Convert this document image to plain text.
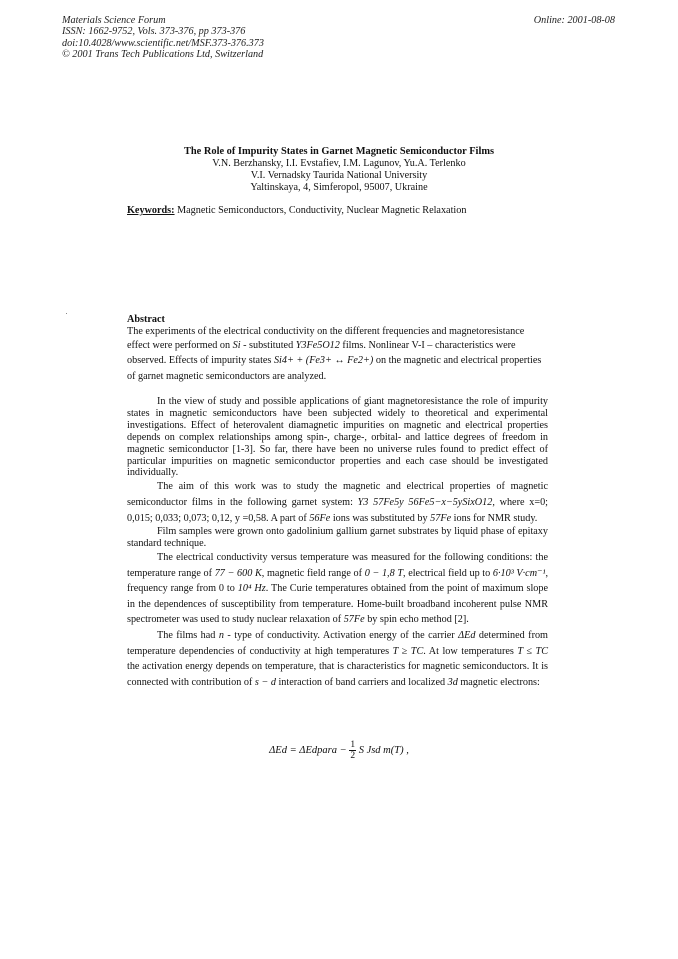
Materials Science Forum
ISSN: 1662-9752, Vols. 373-376, pp 373-376
doi:10.4028/www.scientific.net/MSF.373-376.373
© 2001 Trans Tech Publications Ltd, Switzerland
Online: 2001-08-08
The Role of Impurity States in Garnet Magnetic Semiconductor Films
V.N. Berzhansky, I.I. Evstafiev, I.M. Lagunov, Yu.A. Terlenko
V.I. Vernadsky Taurida National University
Yaltinskaya, 4, Simferopol, 95007, Ukraine
Keywords: Magnetic Semiconductors, Conductivity, Nuclear Magnetic Relaxation

Abstract

The experiments of the electrical conductivity on the different frequencies and magnetoresistance

effect were performed on Si - substituted Y3Fe5O12 films. Nonlinear V-I – characteristics were

observed. Effects of impurity states Si4+ + (Fe3+ ↔ Fe2+) on the magnetic and electrical properties

of garnet magnetic semiconductors are analyzed.

In the view of study and possible applications of giant magnetoresistance the role of impurity states in magnetic semiconductors have been subjected widely to theoretical and experimental investigations. Effect of heterovalent diamagnetic impurities on magnetic and electrical properties depends on complex relationships among spin-, charge-, orbital- and lattice degrees of freedom in magnetic semiconductor [1-3]. So far, there have been no universe rules found to predict effect of particular impurities on magnetic semiconductor properties and each case should be investigated individually.

The aim of this work was to study the magnetic and electrical properties of magnetic semiconductor films in the following garnet system: Y3 57Fe5y 56Fe5−x−5ySixO12, where x=0; 0,015; 0,033; 0,073; 0,12, y =0,58. A part of 56Fe ions was substituted by 57Fe ions for NMR study.

Film samples were grown onto gadolinium gallium garnet substrates by liquid phase of epitaxy standard technique.

The electrical conductivity versus temperature was measured for the following conditions: the temperature range of 77 − 600 K, magnetic field range of 0 − 1,8 T, electrical field up to 6·10³ V·cm⁻¹, frequency range from 0 to 10⁴ Hz. The Curie temperatures obtained from the point of maximum slope in the dependences of susceptibility from temperature. Home-built broadband incoherent pulse NMR spectrometer was used to study nuclear relaxation of 57Fe by spin echo method [2].

The films had n - type of conductivity. Activation energy of the carrier ΔEd determined from temperature dependencies of conductivity at high temperatures T ≥ TC. At low temperatures T ≤ TC the activation energy depends on temperature, that is characteristics for magnetic semiconductors. It is connected with contribution of s − d interaction of band carriers and localized 3d magnetic electrons:

ΔEd = ΔEdpara − $\frac{1}{2}$ S Jsd m(T) ,
